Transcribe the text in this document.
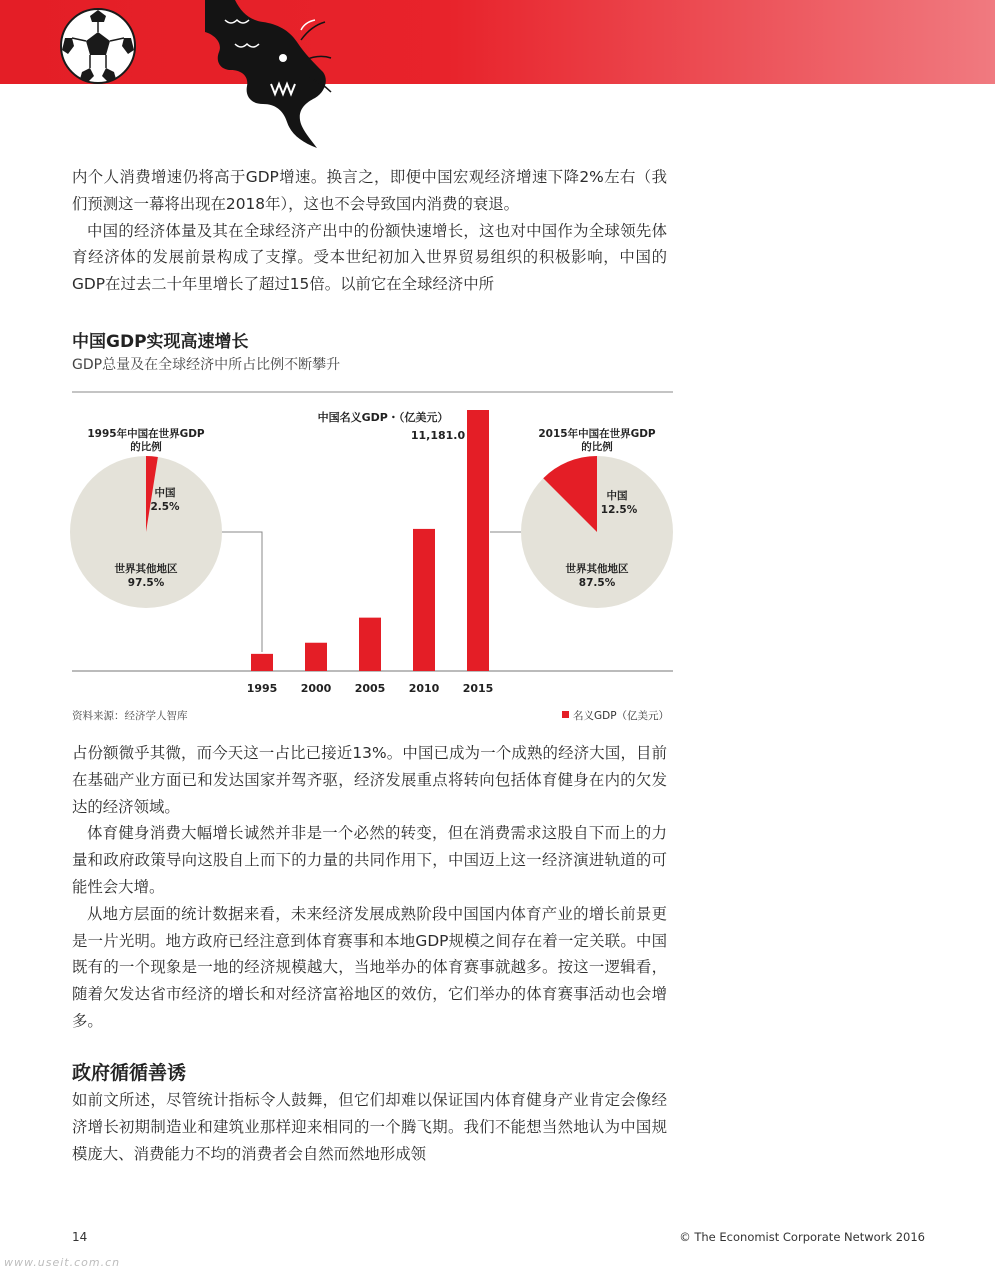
内个人消费增速仍将高于GDP增速。换言之，即便中国宏观经济增速下降2%左右（我们预测这一幕将出现在2018年），这也不会导致国内消费的衰退。

中国的经济体量及其在全球经济产出中的份额快速增长，这也对中国作为全球领先体育经济体的发展前景构成了支撑。受本世纪初加入世界贸易组织的积极影响，中国的GDP在过去二十年里增长了超过15倍。以前它在全球经济中所

中国GDP实现高速增长
GDP总量及在全球经济中所占比例不断攀升
1995 2000 2005 2010 2015
中国名义GDP・（亿美元）
11,181.0
1995年中国在世界GDP
的比例
中国
2.5%
世界其他地区
97.5%
2015年中国在世界GDP
的比例
中国
12.5%
世界其他地区
87.5%
资料来源：经济学人智库	名义GDP（亿美元）

占份额微乎其微，而今天这一占比已接近13%。中国已成为一个成熟的经济大国，目前在基础产业方面已和发达国家并驾齐驱，经济发展重点将转向包括体育健身在内的欠发达的经济领域。

体育健身消费大幅增长诚然并非是一个必然的转变，但在消费需求这股自下而上的力量和政府政策导向这股自上而下的力量的共同作用下，中国迈上这一经济演进轨道的可能性会大增。

从地方层面的统计数据来看，未来经济发展成熟阶段中国国内体育产业的增长前景更是一片光明。地方政府已经注意到体育赛事和本地GDP规模之间存在着一定关联。中国既有的一个现象是一地的经济规模越大，当地举办的体育赛事就越多。按这一逻辑看，随着欠发达省市经济的增长和对经济富裕地区的效仿，它们举办的体育赛事活动也会增多。

政府循循善诱

如前文所述，尽管统计指标令人鼓舞，但它们却难以保证国内体育健身产业肯定会像经济增长初期制造业和建筑业那样迎来相同的一个腾飞期。我们不能想当然地认为中国规模庞大、消费能力不均的消费者会自然而然地形成领

14	© The Economist Corporate Network 2016
www.useit.com.cn
